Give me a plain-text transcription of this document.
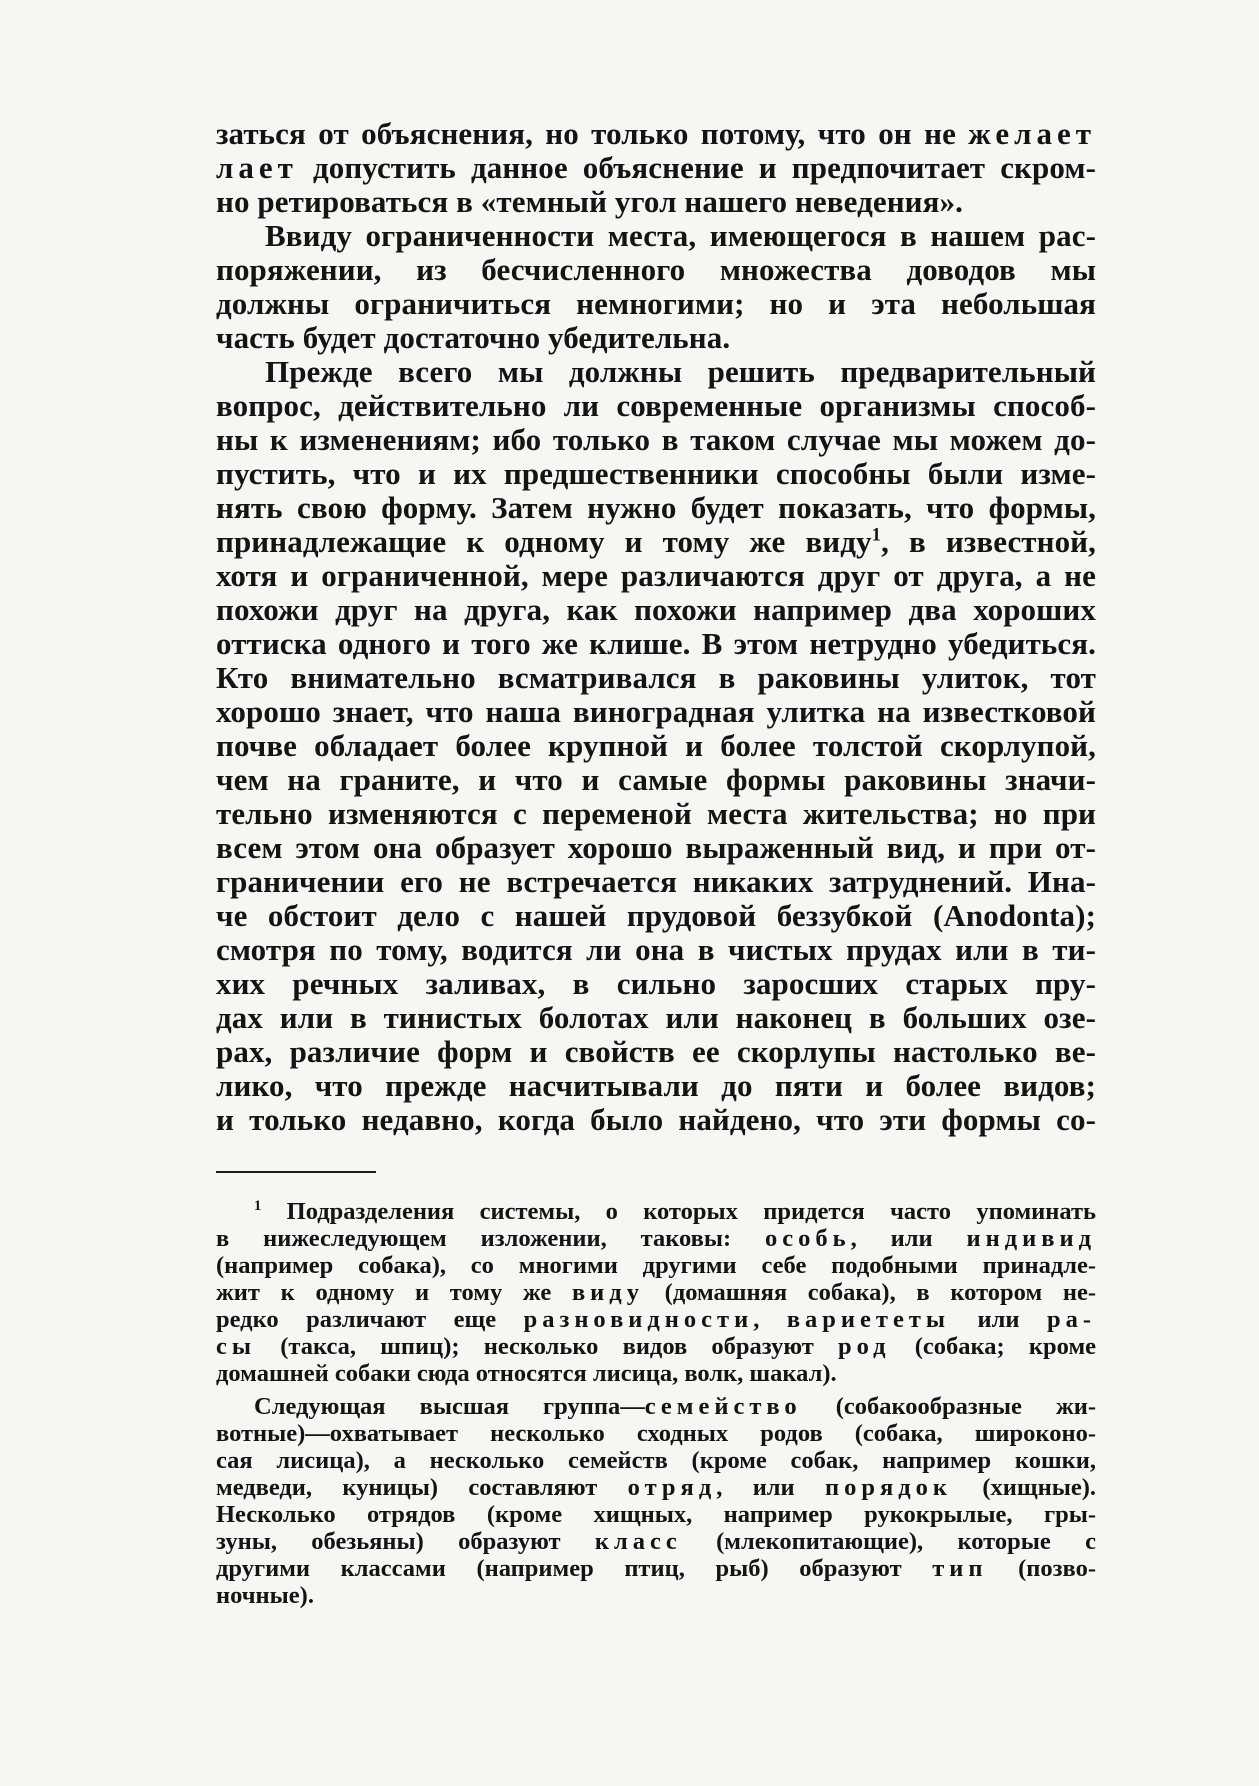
заться от объяснения, но только потому, что он не желает
лает допустить данное объяснение и предпочитает скром-
но ретироваться в «темный угол нашего неведения».
Ввиду ограниченности места, имеющегося в нашем рас-
поряжении, из бесчисленного множества доводов мы
должны ограничиться немногими; но и эта небольшая
часть будет достаточно убедительна.
Прежде всего мы должны решить предварительный
вопрос, действительно ли современные организмы способ-
ны к изменениям; ибо только в таком случае мы можем до-
пустить, что и их предшественники способны были изме-
нять свою форму. Затем нужно будет показать, что формы,
принадлежащие к одному и тому же виду$^1$, в известной,
хотя и ограниченной, мере различаются друг от друга, а не
похожи друг на друга, как похожи например два хороших
оттиска одного и того же клише. В этом нетрудно убедиться.
Кто внимательно всматривался в раковины улиток, тот
хорошо знает, что наша виноградная улитка на известковой
почве обладает более крупной и более толстой скорлупой,
чем на граните, и что и самые формы раковины значи-
тельно изменяются с переменой места жительства; но при
всем этом она образует хорошо выраженный вид, и при от-
граничении его не встречается никаких затруднений. Ина-
че обстоит дело с нашей прудовой беззубкой (Anodonta);
смотря по тому, водится ли она в чистых прудах или в ти-
хих речных заливах, в сильно заросших старых пру-
дах или в тинистых болотах или наконец в больших озе-
рах, различие форм и свойств ее скорлупы настолько ве-
лико, что прежде насчитывали до пяти и более видов;
и только недавно, когда было найдено, что эти формы со-
$^1$ Подразделения системы, о которых придется часто упоминать
в нижеследующем изложении, таковы: особь, или индивид
(например собака), со многими другими себе подобными принадле-
жит к одному и тому же виду (домашняя собака), в котором не-
редко различают еще разновидности, вариететы или ра-
сы (такса, шпиц); несколько видов образуют род (собака; кроме
домашней собаки сюда относятся лисица, волк, шакал).
Следующая высшая группа—семейство (собакообразные жи-
вотные)—охватывает несколько сходных родов (собака, широконо-
сая лисица), а несколько семейств (кроме собак, например кошки,
медведи, куницы) составляют отряд, или порядок (хищные).
Несколько отрядов (кроме хищных, например рукокрылые, гры-
зуны, обезьяны) образуют класс (млекопитающие), которые с
другими классами (например птиц, рыб) образуют тип (позво-
ночные).
